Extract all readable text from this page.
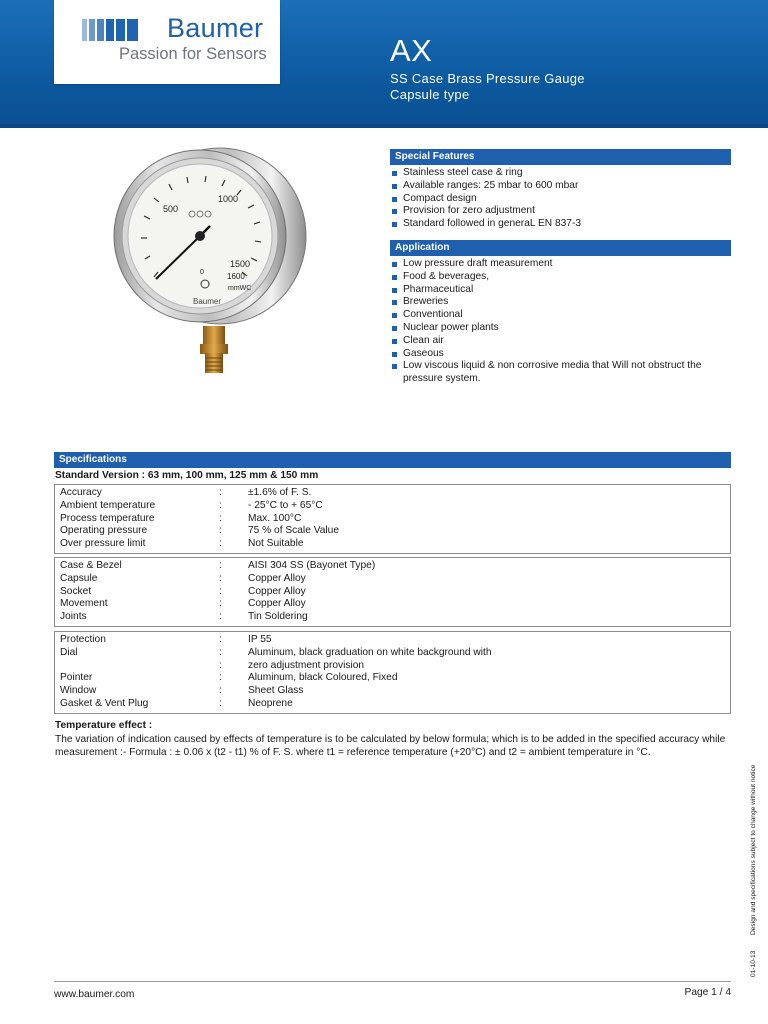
Baumer
Passion for Sensors	AX
SS Case Brass Pressure Gauge
Capsule type
500
1000
1500
1600
0
mmWC
Baumer
Special Features
Stainless steel case & ring
Available ranges: 25 mbar to 600 mbar
Compact design
Provision for zero adjustment
Standard followed in generaL EN 837-3
Application
Low pressure draft measurement
Food & beverages,
Pharmaceutical
Breweries
Conventional
Nuclear power plants
Clean air
Gaseous
Low viscous liquid & non corrosive media that Will not obstruct the pressure system.
Specifications
Standard Version : 63 mm, 100 mm, 125 mm & 150 mm
Accuracy	:	±1.6% of F. S.
Ambient temperature	:	- 25°C to + 65°C
Process temperature	:	Max. 100°C
Operating pressure	:	75 % of Scale Value
Over pressure limit	:	Not Suitable
Case & Bezel	:	AISI 304 SS (Bayonet Type)
Capsule	:	Copper Alloy
Socket	:	Copper Alloy
Movement	:	Copper Alloy
Joints	:	Tin Soldering
Protection	:	IP 55
Dial	:	Aluminum, black graduation on white background with
:	zero adjustment provision
Pointer	:	Aluminum, black Coloured, Fixed
Window	:	Sheet Glass
Gasket & Vent Plug	:	Neoprene
Temperature effect :
The variation of indication caused by effects of temperature is to be calculated by below formula; which is to be added in the specified accuracy while measurement :- Formula : ± 0.06 x (t2 - t1) % of F. S. where t1 = reference temperature (+20°C) and t2 = ambient temperature in °C.
Design and specifications subject to change without notice
01-10-13
www.baumer.com	Page 1 / 4
